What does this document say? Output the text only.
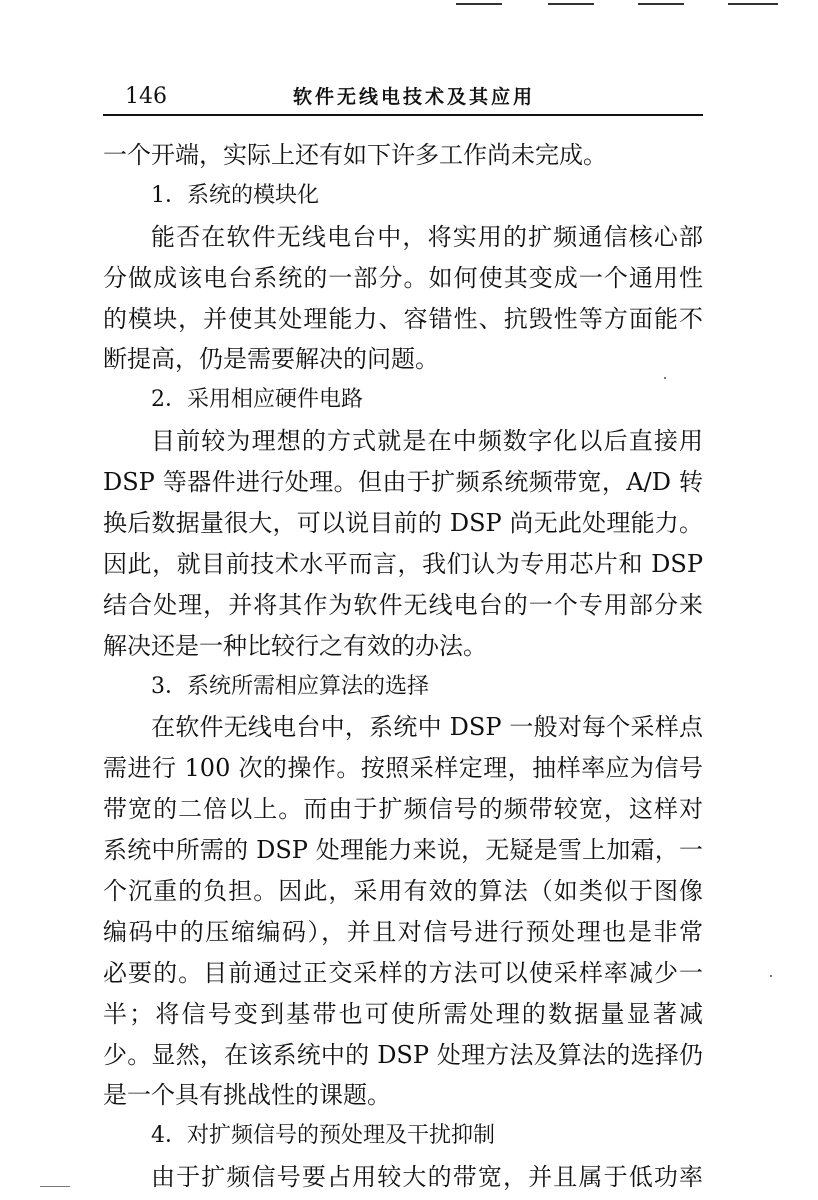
146	软件无线电技术及其应用
一个开端，实际上还有如下许多工作尚未完成。
1．系统的模块化
能否在软件无线电台中，将实用的扩频通信核心部
分做成该电台系统的一部分。如何使其变成一个通用性
的模块，并使其处理能力、容错性、抗毁性等方面能不
断提高，仍是需要解决的问题。
2．采用相应硬件电路
目前较为理想的方式就是在中频数字化以后直接用
DSP 等器件进行处理。但由于扩频系统频带宽，A/D 转
换后数据量很大，可以说目前的 DSP 尚无此处理能力。
因此，就目前技术水平而言，我们认为专用芯片和 DSP
结合处理，并将其作为软件无线电台的一个专用部分来
解决还是一种比较行之有效的办法。
3．系统所需相应算法的选择
在软件无线电台中，系统中 DSP 一般对每个采样点
需进行 100 次的操作。按照采样定理，抽样率应为信号
带宽的二倍以上。而由于扩频信号的频带较宽，这样对
系统中所需的 DSP 处理能力来说，无疑是雪上加霜，一
个沉重的负担。因此，采用有效的算法（如类似于图像
编码中的压缩编码），并且对信号进行预处理也是非常
必要的。目前通过正交采样的方法可以使采样率减少一
半；将信号变到基带也可使所需处理的数据量显著减
少。显然，在该系统中的 DSP 处理方法及算法的选择仍
是一个具有挑战性的课题。
4．对扩频信号的预处理及干扰抑制
由于扩频信号要占用较大的带宽，并且属于低功率
